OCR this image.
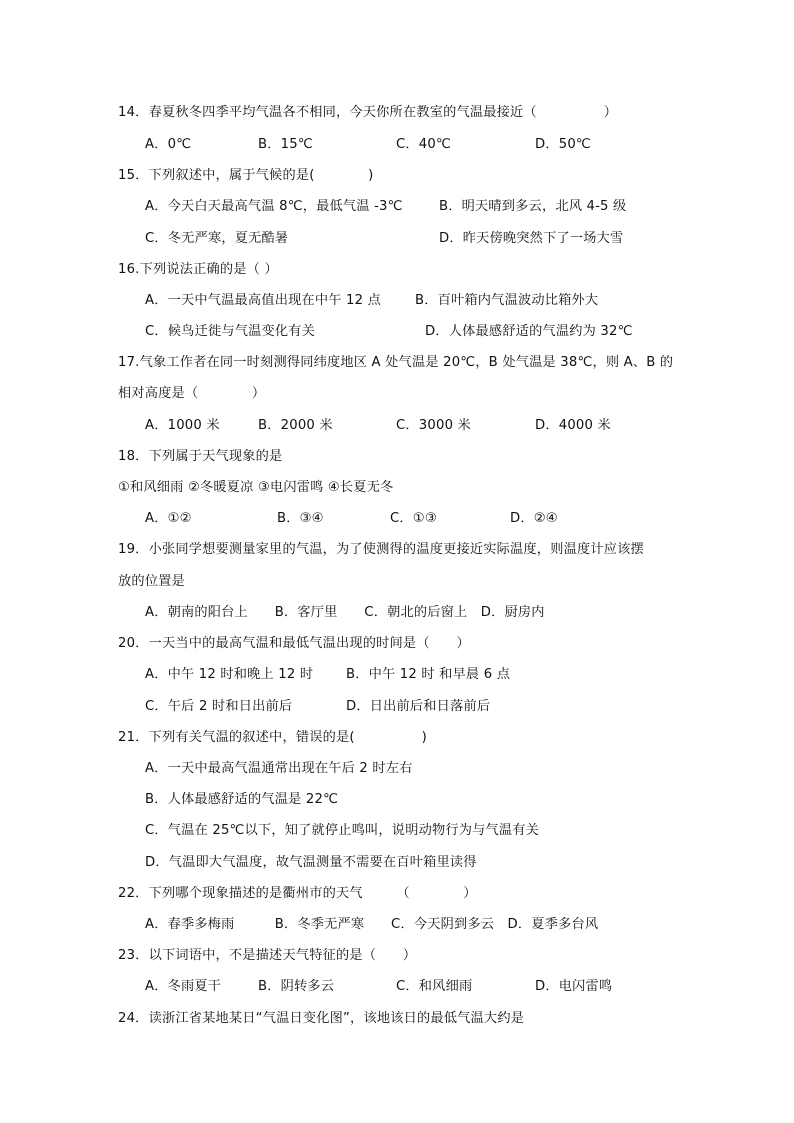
14．春夏秋冬四季平均气温各不相同，今天你所在教室的气温最接近（　　　　　）

A．0℃

	B．15℃

	C．40℃

	D．50℃

15．下列叙述中，属于气候的是(　　　　)

A．今天白天最高气温 8℃，最低气温 -3℃

	B．明天晴到多云，北风 4-5 级

C．冬无严寒，夏无酷暑

	D．昨天傍晚突然下了一场大雪

16.下列说法正确的是（ ）

A．一天中气温最高值出现在中午 12 点

	B．百叶箱内气温波动比箱外大

C．候鸟迁徙与气温变化有关

	D．人体最感舒适的气温约为 32℃

17.气象工作者在同一时刻测得同纬度地区 A 处气温是 20℃，B 处气温是 38℃，则 A、B 的
相对高度是（　　　　）

A．1000 米

	B．2000 米

	C．3000 米

	D．4000 米

18．下列属于天气现象的是
①和风细雨 ②冬暖夏凉 ③电闪雷鸣 ④长夏无冬

A．①②

	B．③④

	C．①③

	D．②④

19．小张同学想要测量家里的气温，为了使测得的温度更接近实际温度，则温度计应该摆
放的位置是
A．朝南的阳台上　　B．客厅里　　C．朝北的后窗上　D．厨房内
20．一天当中的最高气温和最低气温出现的时间是（　　）

A．中午 12 时和晚上 12 时

B．中午 12 时 和早晨 6 点

C．午后 2 时和日出前后

	D．日出前后和日落前后

21．下列有关气温的叙述中，错误的是(　　　　　)
A．一天中最高气温通常出现在午后 2 时左右
B．人体最感舒适的气温是 22℃
C．气温在 25℃以下，知了就停止鸣叫，说明动物行为与气温有关
D．气温即大气温度，故气温测量不需要在百叶箱里读得
22．下列哪个现象描述的是衢州市的天气　　　（　　　　）
A．春季多梅雨　　　B．冬季无严寒　　C．今天阴到多云　D．夏季多台风
23．以下词语中，不是描述天气特征的是（　　）

A．冬雨夏干

	B．阴转多云

	C．和风细雨

	D．电闪雷鸣

24．读浙江省某地某日“气温日变化图”，该地该日的最低气温大约是
